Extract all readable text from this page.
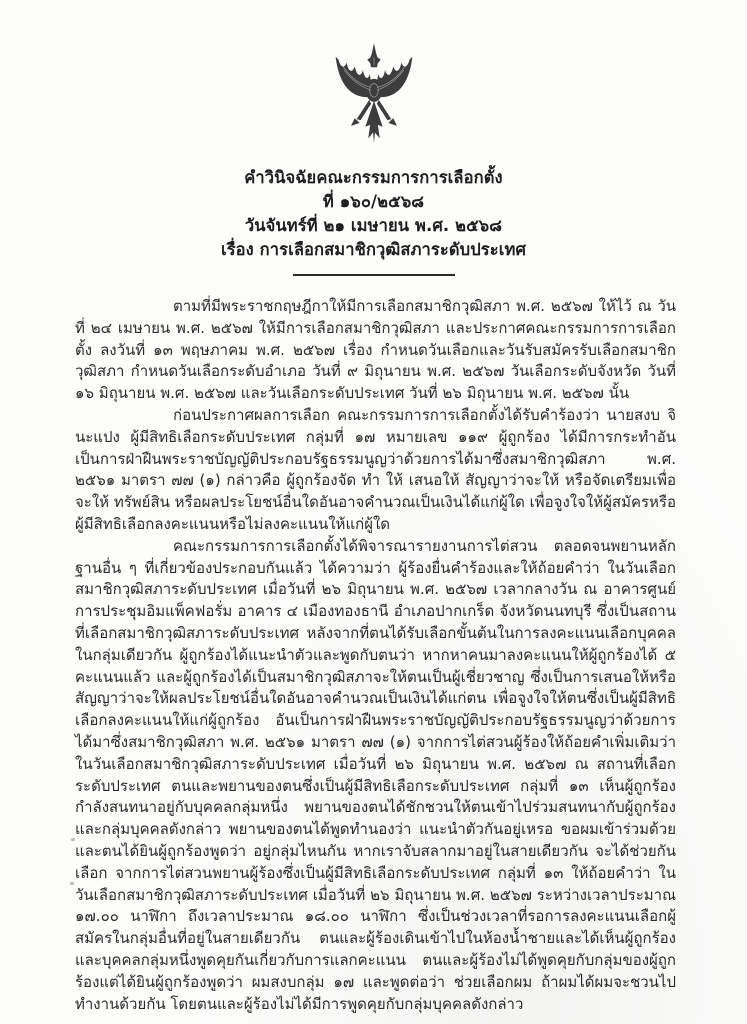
คำวินิจฉัยคณะกรรมการการเลือกตั้ง
ที่ ๑๖๐/๒๕๖๘
วันจันทร์ที่ ๒๑ เมษายน พ.ศ. ๒๕๖๘
เรื่อง การเลือกสมาชิกวุฒิสภาระดับประเทศ

ตามที่มีพระราชกฤษฎีกาให้มีการเลือกสมาชิกวุฒิสภา พ.ศ. ๒๕๖๗ ให้ไว้ ณ วันที่ ๒๔ เมษายน พ.ศ. ๒๕๖๗ ให้มีการเลือกสมาชิกวุฒิสภา และประกาศคณะกรรมการการเลือกตั้ง ลงวันที่ ๑๓ พฤษภาคม พ.ศ. ๒๕๖๗ เรื่อง กำหนดวันเลือกและวันรับสมัครรับเลือกสมาชิกวุฒิสภา กำหนดวันเลือกระดับอำเภอ วันที่ ๙ มิถุนายน พ.ศ. ๒๕๖๗ วันเลือกระดับจังหวัด วันที่ ๑๖ มิถุนายน พ.ศ. ๒๕๖๗ และวันเลือกระดับประเทศ วันที่ ๒๖ มิถุนายน พ.ศ. ๒๕๖๗ นั้น

ก่อนประกาศผลการเลือก คณะกรรมการการเลือกตั้งได้รับคำร้องว่า นายสงบ จินะแปง ผู้มีสิทธิเลือกระดับประเทศ กลุ่มที่ ๑๗ หมายเลข ๑๑๙ ผู้ถูกร้อง ได้มีการกระทำอันเป็นการฝ่าฝืนพระราชบัญญัติประกอบรัฐธรรมนูญว่าด้วยการได้มาซึ่งสมาชิกวุฒิสภา พ.ศ. ๒๕๖๑ มาตรา ๗๗ (๑) กล่าวคือ ผู้ถูกร้องจัด ทำ ให้ เสนอให้ สัญญาว่าจะให้ หรือจัดเตรียมเพื่อจะให้ ทรัพย์สิน หรือผลประโยชน์อื่นใดอันอาจคำนวณเป็นเงินได้แก่ผู้ใด เพื่อจูงใจให้ผู้สมัครหรือผู้มีสิทธิเลือกลงคะแนนหรือไม่ลงคะแนนให้แก่ผู้ใด

คณะกรรมการการเลือกตั้งได้พิจารณารายงานการไต่สวน ตลอดจนพยานหลักฐานอื่น ๆ ที่เกี่ยวข้องประกอบกันแล้ว ได้ความว่า ผู้ร้องยื่นคำร้องและให้ถ้อยคำว่า ในวันเลือกสมาชิกวุฒิสภาระดับประเทศ เมื่อวันที่ ๒๖ มิถุนายน พ.ศ. ๒๕๖๗ เวลากลางวัน ณ อาคารศูนย์การประชุมอิมแพ็คฟอรั่ม อาคาร ๔ เมืองทองธานี อำเภอปากเกร็ด จังหวัดนนทบุรี ซึ่งเป็นสถานที่เลือกสมาชิกวุฒิสภาระดับประเทศ หลังจากที่ตนได้รับเลือกขั้นต้นในการลงคะแนนเลือกบุคคลในกลุ่มเดียวกัน ผู้ถูกร้องได้แนะนำตัวและพูดกับตนว่า หากหาคนมาลงคะแนนให้ผู้ถูกร้องได้ ๕ คะแนนแล้ว และผู้ถูกร้องได้เป็นสมาชิกวุฒิสภาจะให้ตนเป็นผู้เชี่ยวชาญ ซึ่งเป็นการเสนอให้หรือสัญญาว่าจะให้ผลประโยชน์อื่นใดอันอาจคำนวณเป็นเงินได้แก่ตน เพื่อจูงใจให้ตนซึ่งเป็นผู้มีสิทธิเลือกลงคะแนนให้แก่ผู้ถูกร้อง อันเป็นการฝ่าฝืนพระราชบัญญัติประกอบรัฐธรรมนูญว่าด้วยการได้มาซึ่งสมาชิกวุฒิสภา พ.ศ. ๒๕๖๑ มาตรา ๗๗ (๑) จากการไต่สวนผู้ร้องให้ถ้อยคำเพิ่มเติมว่า ในวันเลือกสมาชิกวุฒิสภาระดับประเทศ เมื่อวันที่ ๒๖ มิถุนายน พ.ศ. ๒๕๖๗ ณ สถานที่เลือกระดับประเทศ ตนและพยานของตนซึ่งเป็นผู้มีสิทธิเลือกระดับประเทศ กลุ่มที่ ๑๓ เห็นผู้ถูกร้องกำลังสนทนาอยู่กับบุคคลกลุ่มหนึ่ง พยานของตนได้ชักชวนให้ตนเข้าไปร่วมสนทนากับผู้ถูกร้องและกลุ่มบุคคลดังกล่าว พยานของตนได้พูดทำนองว่า แนะนำตัวกันอยู่เหรอ ขอผมเข้าร่วมด้วย และตนได้ยินผู้ถูกร้องพูดว่า อยู่กลุ่มไหนกัน หากเราจับสลากมาอยู่ในสายเดียวกัน จะได้ช่วยกันเลือก จากการไต่สวนพยานผู้ร้องซึ่งเป็นผู้มีสิทธิเลือกระดับประเทศ กลุ่มที่ ๑๓ ให้ถ้อยคำว่า ในวันเลือกสมาชิกวุฒิสภาระดับประเทศ เมื่อวันที่ ๒๖ มิถุนายน พ.ศ. ๒๕๖๗ ระหว่างเวลาประมาณ ๑๗.๐๐ นาฬิกา ถึงเวลาประมาณ ๑๘.๐๐ นาฬิกา ซึ่งเป็นช่วงเวลาที่รอการลงคะแนนเลือกผู้สมัครในกลุ่มอื่นที่อยู่ในสายเดียวกัน ตนและผู้ร้องเดินเข้าไปในห้องน้ำชายและได้เห็นผู้ถูกร้องและบุคคลกลุ่มหนึ่งพูดคุยกันเกี่ยวกับการแลกคะแนน ตนและผู้ร้องไม่ได้พูดคุยกับกลุ่มของผู้ถูกร้องแต่ได้ยินผู้ถูกร้องพูดว่า ผมสงบกลุ่ม ๑๗ และพูดต่อว่า ช่วยเลือกผม ถ้าผมได้ผมจะชวนไปทำงานด้วยกัน โดยตนและผู้ร้องไม่ได้มีการพูดคุยกับกลุ่มบุคคลดังกล่าว
